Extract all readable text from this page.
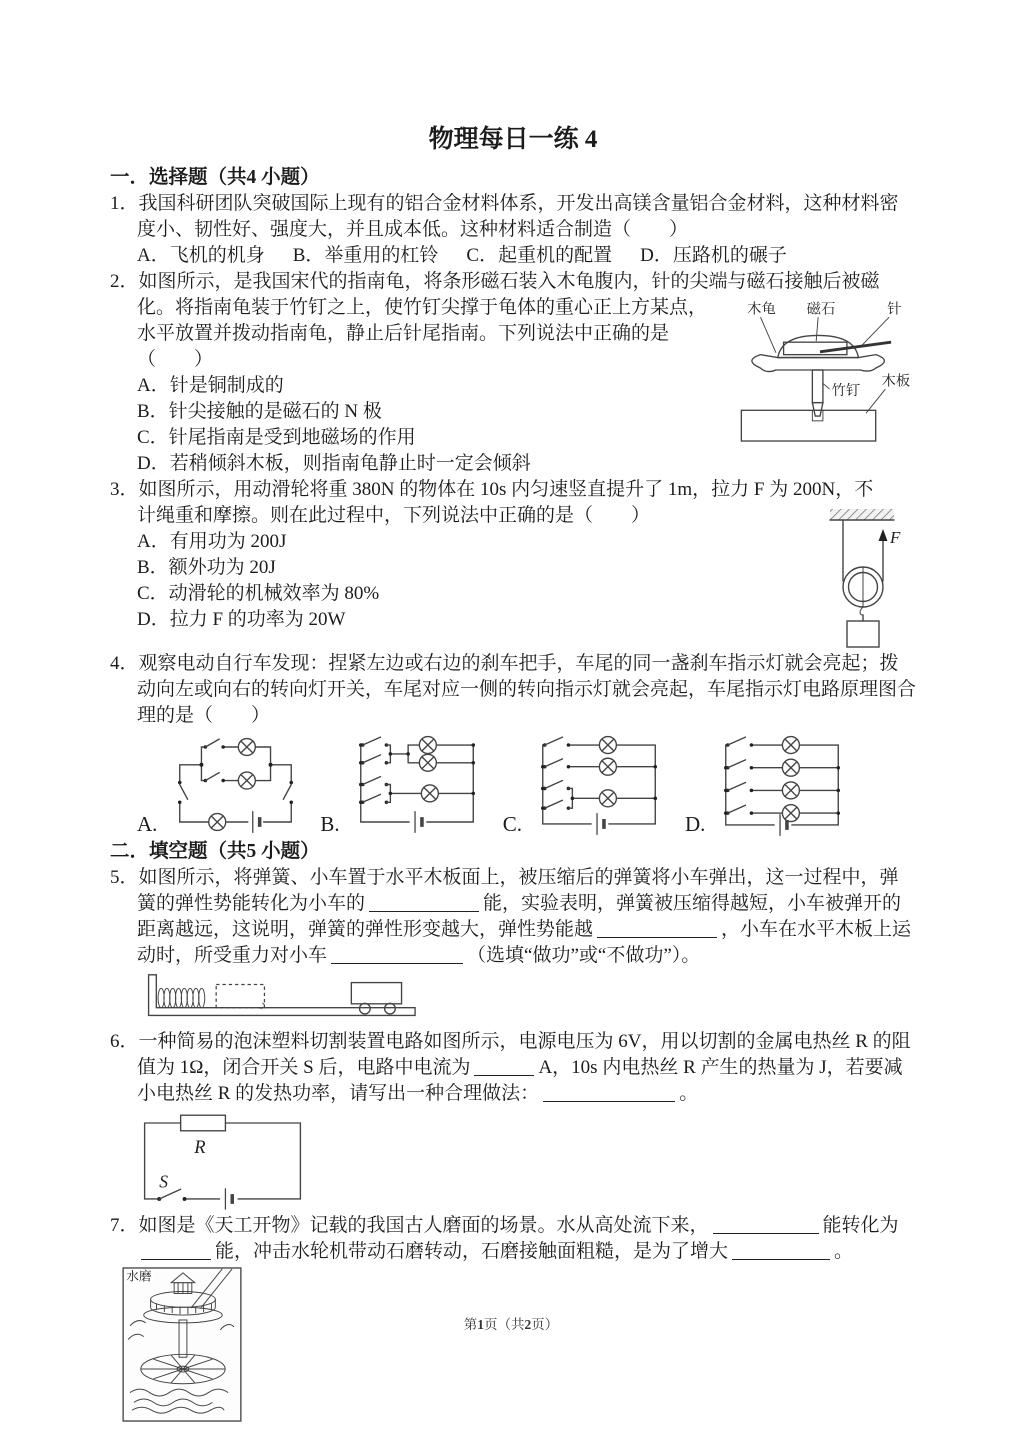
物理每日一练 4
一．选择题（共4 小题）

1．我国科研团队突破国际上现有的铝合金材料体系，开发出高镁含量铝合金材料，这种材料密度小、韧性好、强度大，并且成本低。这种材料适合制造（　　）

A．飞机的机身 B．举重用的杠铃 C．起重机的配置 D．压路机的碾子

2．如图所示，是我国宋代的指南龟，将条形磁石装入木龟腹内，针的尖端与磁石接触后被磁

木龟 磁石	针
竹钉
木板
化。将指南龟装于竹钉之上，使竹钉尖撑于龟体的重心正上方某点，水平放置并拨动指南龟，静止后针尾指南。下列说法中正确的是（　　）
A．针是铜制成的
B．针尖接触的是磁石的 N 极
C．针尾指南是受到地磁场的作用
D．若稍倾斜木板，则指南龟静止时一定会倾斜

3．如图所示，用动滑轮将重 380N 的物体在 10s 内匀速竖直提升了 1m，拉力 F 为 200N，不

F
计绳重和摩擦。则在此过程中，下列说法中正确的是（　　）
A．有用功为 200J
B．额外功为 20J
C．动滑轮的机械效率为 80%
D．拉力 F 的功率为 20W

4．观察电动自行车发现：捏紧左边或右边的刹车把手，车尾的同一盏刹车指示灯就会亮起；拨动向左或向右的转向灯开关，车尾对应一侧的转向指示灯就会亮起，车尾指示灯电路原理图合理的是（　　）

A.	B.	C.	D.
二．填空题（共5 小题）

5．如图所示，将弹簧、小车置于水平木板面上，被压缩后的弹簧将小车弹出，这一过程中，弹簧的弹性势能转化为小车的	能，实验表明，弹簧被压缩得越短，小车被弹开的距离越远，这说明，弹簧的弹性形变越大，弹性势能越	，小车在水平木板上运动时，所受重力对小车	（选填“做功”或“不做功”）。

6．一种简易的泡沫塑料切割装置电路如图所示，电源电压为 6V，用以切割的金属电热丝 R 的阻值为 1Ω，闭合开关 S 后，电路中电流为	A，10s 内电热丝 R 产生的热量为 J，若要减小电热丝 R 的发热功率，请写出一种合理做法：	。

R
S

7．如图是《天工开物》记载的我国古人磨面的场景。水从高处流下来，	能转化为能，冲击水轮机带动石磨转动，石磨接触面粗糙，是为了增大	。

水磨
第1页（共2页）
